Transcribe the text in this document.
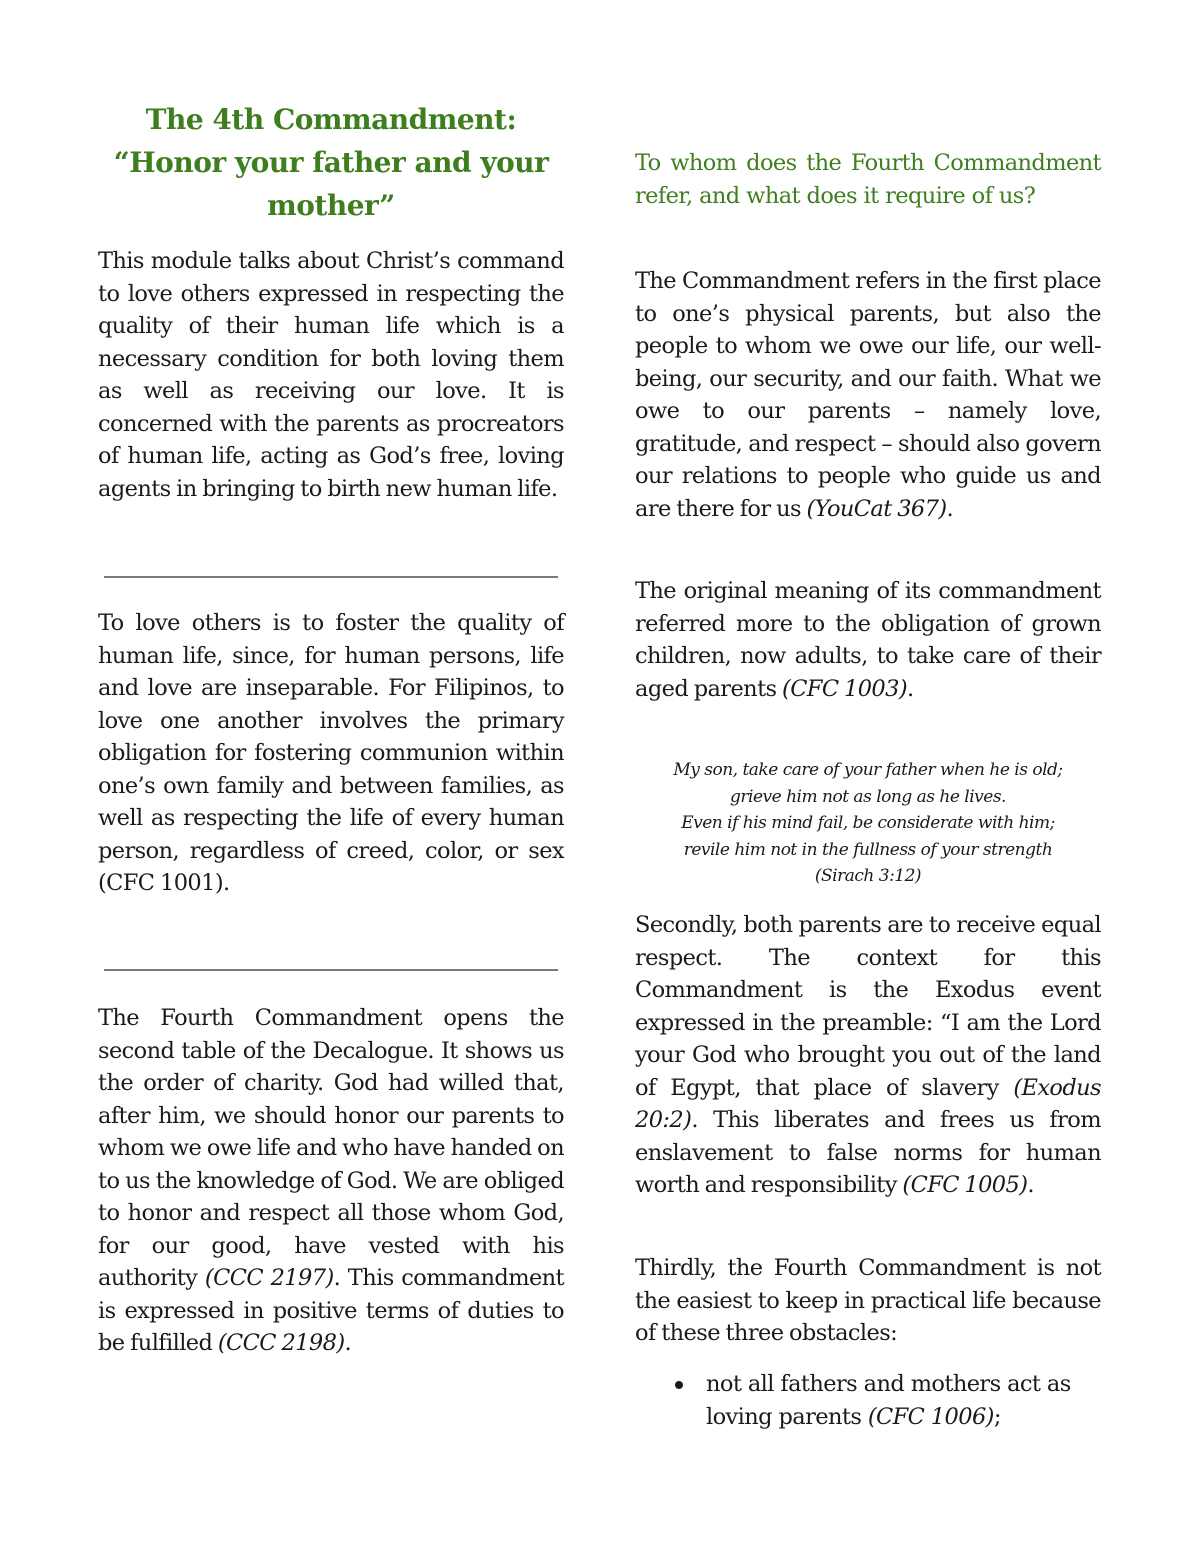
The 4th Commandment:
“Honor your father and your
mother”

This module talks about Christ’s command to love others expressed in respecting the quality of their human life which is a necessary condition for both loving them as well as receiving our love. It is concerned with the parents as procreators of human life, acting as God’s free, loving agents in bringing to birth new human life.

To love others is to foster the quality of human life, since, for human persons, life and love are inseparable. For Filipinos, to love one another involves the primary obligation for fostering communion within one’s own family and between families, as well as respecting the life of every human person, regardless of creed, color, or sex (CFC 1001).

The Fourth Commandment opens the second table of the Decalogue. It shows us the order of charity. God had willed that, after him, we should honor our parents to whom we owe life and who have handed on to us the knowledge of God. We are obliged to honor and respect all those whom God, for our good, have vested with his authority (CCC 2197). This commandment is expressed in positive terms of duties to be fulfilled (CCC 2198).

To whom does the Fourth Commandment refer, and what does it require of us?

The Commandment refers in the first place to one’s physical parents, but also the people to whom we owe our life, our well-being, our security, and our faith. What we owe to our parents – namely love, gratitude, and respect – should also govern our relations to people who guide us and are there for us (YouCat 367).

The original meaning of its commandment referred more to the obligation of grown children, now adults, to take care of their aged parents (CFC 1003).

My son, take care of your father when he is old;
grieve him not as long as he lives.
Even if his mind fail, be considerate with him;
revile him not in the fullness of your strength
(Sirach 3:12)

Secondly, both parents are to receive equal respect. The context for this Commandment is the Exodus event expressed in the preamble: “I am the Lord your God who brought you out of the land of Egypt, that place of slavery (Exodus 20:2). This liberates and frees us from enslavement to false norms for human worth and responsibility (CFC 1005).

Thirdly, the Fourth Commandment is not the easiest to keep in practical life because of these three obstacles:

not all fathers and mothers act as loving parents (CFC 1006);
